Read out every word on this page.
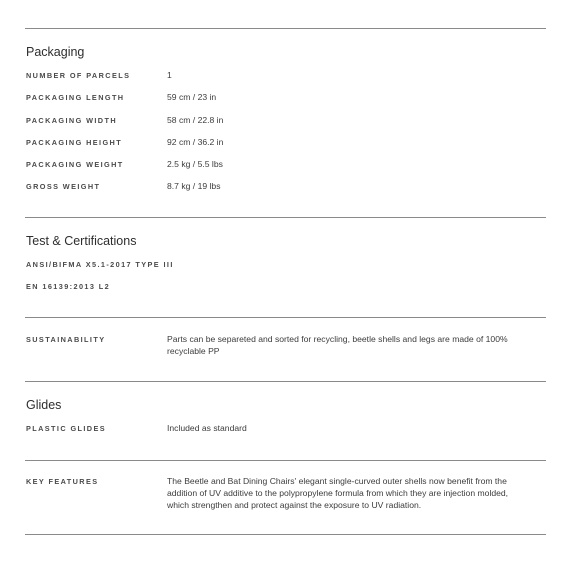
Packaging
NUMBER OF PARCELS	1
PACKAGING LENGTH	59 cm / 23 in
PACKAGING WIDTH	58 cm / 22.8 in
PACKAGING HEIGHT	92 cm / 36.2 in
PACKAGING WEIGHT	2.5 kg / 5.5 lbs
GROSS WEIGHT	8.7 kg / 19 lbs
Test & Certifications
ANSI/BIFMA X5.1-2017 TYPE III
EN 16139:2013 L2
SUSTAINABILITY	Parts can be separeted and sorted for recycling, beetle shells and legs are made of 100%
recyclable PP
Glides
PLASTIC GLIDES	Included as standard
KEY FEATURES	The Beetle and Bat Dining Chairs' elegant single-curved outer shells now benefit from the
addition of UV additive to the polypropylene formula from which they are injection molded,
which strengthen and protect against the exposure to UV radiation.
